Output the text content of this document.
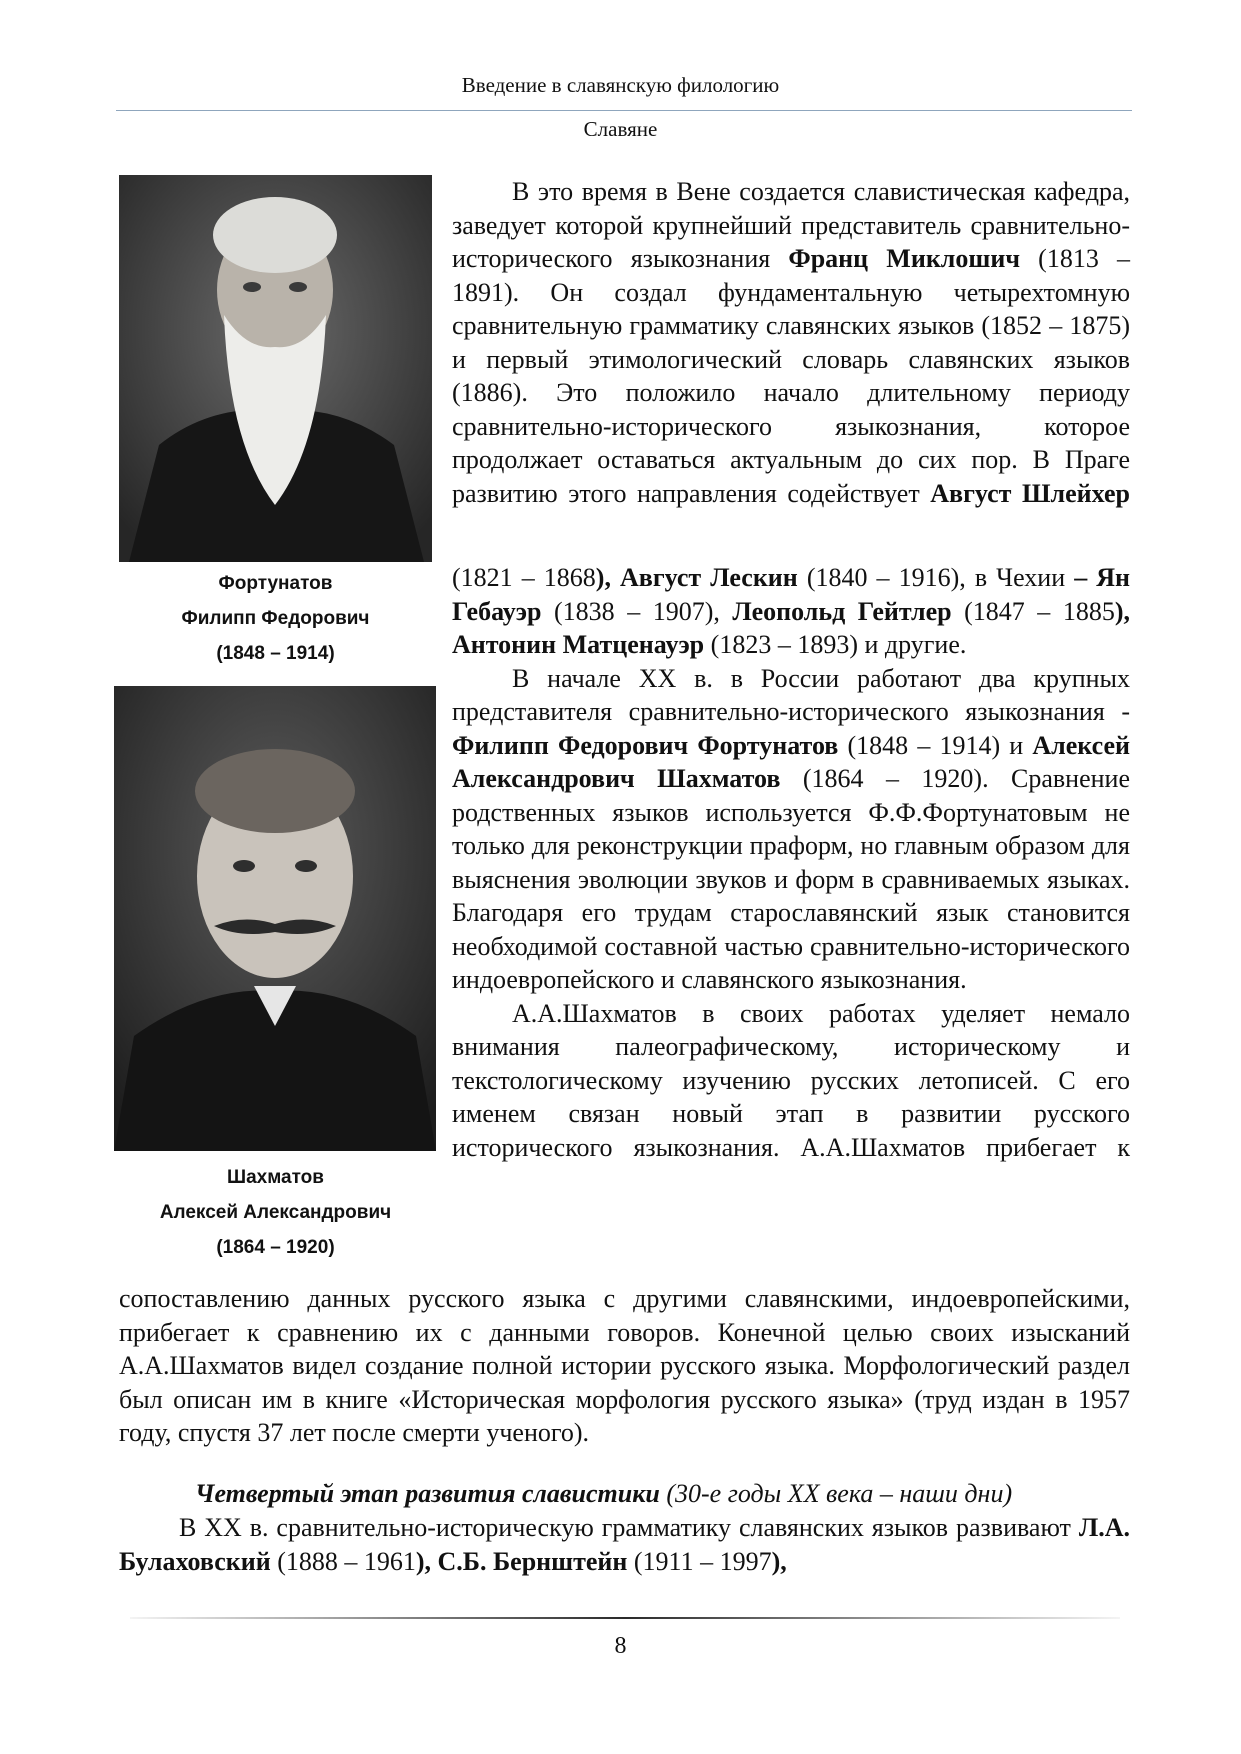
Введение в славянскую филологию
Славяне
Фортунатов
Филипп Федорович
(1848 – 1914)
Шахматов
Алексей Александрович
(1864 – 1920)

В это время в Вене создается славистическая кафедра, заведует которой крупнейший представитель сравнительно-исторического языкознания Франц Миклошич (1813 – 1891). Он создал фундаментальную четырехтомную сравнительную грамматику славянских языков (1852 – 1875) и первый этимологический словарь славянских языков (1886). Это положило начало длительному периоду сравнительно-исторического языкознания, которое продолжает оставаться актуальным до сих пор. В Праге развитию этого направления содействует Август Шлейхер

(1821 – 1868), Август Лескин (1840 – 1916), в Чехии – Ян Гебауэр (1838 – 1907), Леопольд Гейтлер (1847 – 1885), Антонин Матценауэр (1823 – 1893) и другие.

В начале XX в. в России работают два крупных представителя сравнительно-исторического языкознания - Филипп Федорович Фортунатов (1848 – 1914) и Алексей Александрович Шахматов (1864 – 1920). Сравнение родственных языков используется Ф.Ф.Фортунатовым не только для реконструкции праформ, но главным образом для выяснения эволюции звуков и форм в сравниваемых языках. Благодаря его трудам старославянский язык становится необходимой составной частью сравнительно-исторического индоевропейского и славянского языкознания.

А.А.Шахматов в своих работах уделяет немало внимания палеографическому, историческому и текстологическому изучению русских летописей. С его именем связан новый этап в развитии русского исторического языкознания. А.А.Шахматов прибегает к

сопоставлению данных русского языка с другими славянскими, индоевропейскими, прибегает к сравнению их с данными говоров. Конечной целью своих изысканий А.А.Шахматов видел создание полной истории русского языка. Морфологический раздел был описан им в книге «Историческая морфология русского языка» (труд издан в 1957 году, спустя 37 лет после смерти ученого).

Четвертый этап развития славистики (30-е годы XX века – наши дни)

В XX в. сравнительно-историческую грамматику славянских языков развивают Л.А. Булаховский (1888 – 1961), С.Б. Бернштейн (1911 – 1997),

8
